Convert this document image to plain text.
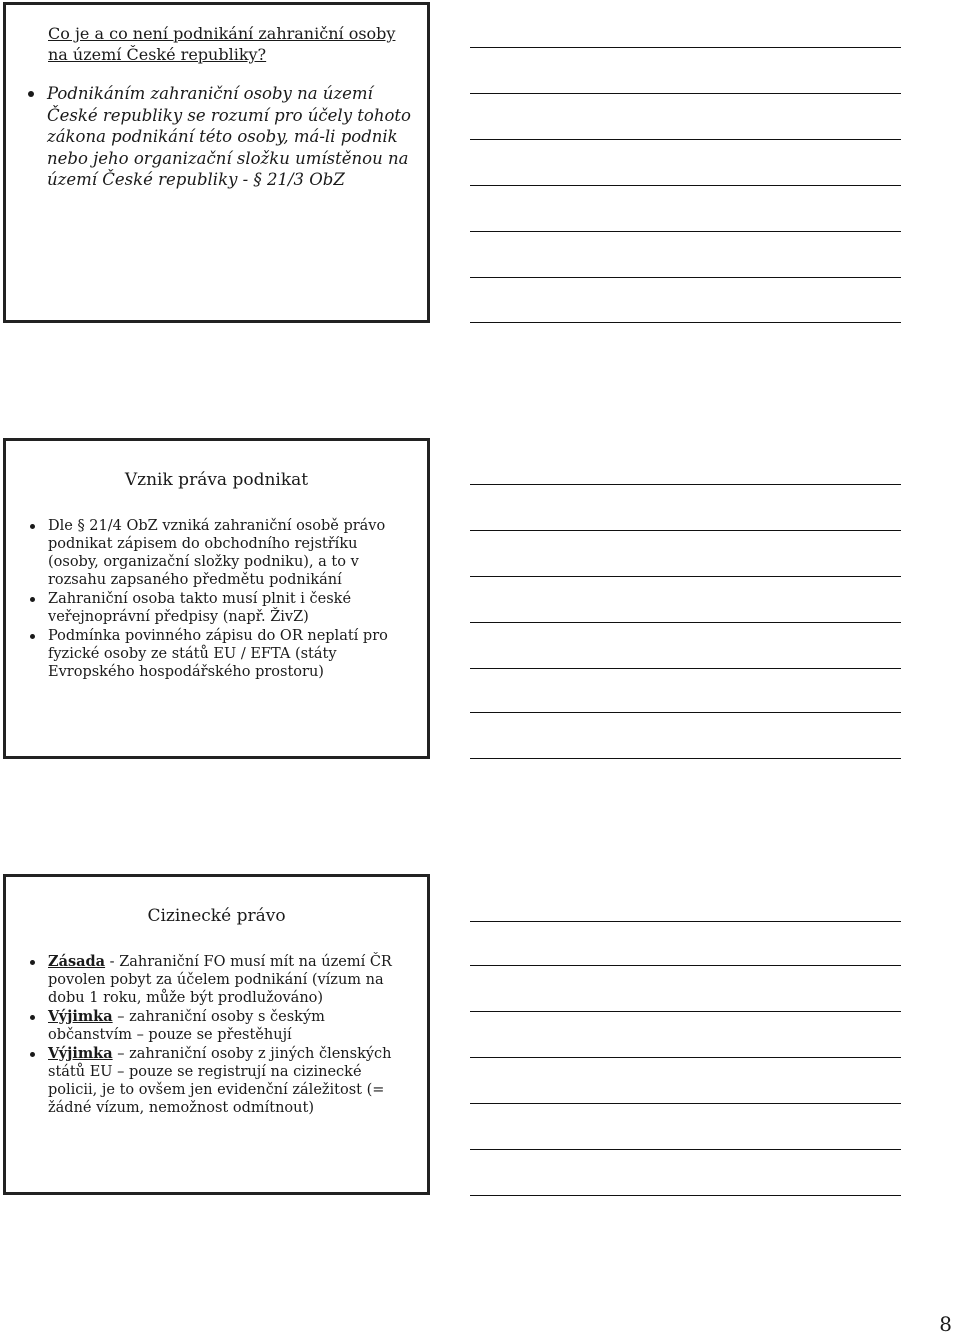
Co je a co není podnikání zahraniční osoby na území České republiky?
Podnikáním zahraniční osoby na území České republiky se rozumí pro účely tohoto zákona podnikání této osoby, má-li podnik nebo jeho organizační složku umístěnou na území České republiky - § 21/3 ObZ
Vznik práva podnikat
Dle § 21/4 ObZ vzniká zahraniční osobě právo podnikat zápisem do obchodního rejstříku (osoby, organizační složky podniku), a to v rozsahu zapsaného předmětu podnikání
Zahraniční osoba takto musí plnit i české veřejnoprávní předpisy (např. ŽivZ)
Podmínka povinného zápisu do OR neplatí pro fyzické osoby ze států EU / EFTA (státy Evropského hospodářského prostoru)
Cizinecké právo
Zásada - Zahraniční FO musí mít na území ČR povolen pobyt za účelem podnikání (vízum na dobu 1 roku, může být prodlužováno)
Výjimka – zahraniční osoby s českým občanstvím – pouze se přestěhují
Výjimka – zahraniční osoby z jiných členských států EU – pouze se registrují na cizinecké policii, je to ovšem jen evidenční záležitost (= žádné vízum, nemožnost odmítnout)
8
